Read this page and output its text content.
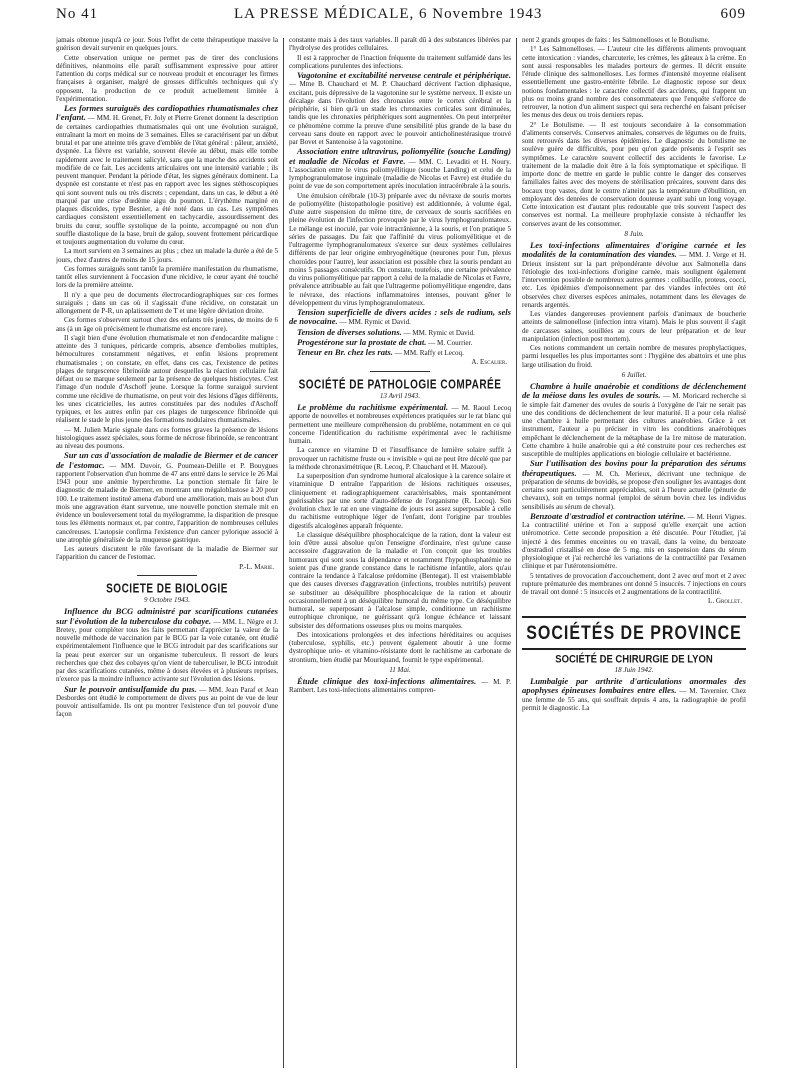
No 41	LA PRESSE MÉDICALE, 6 Novembre 1943	609

jamais obtenue jusqu'à ce jour. Sous l'effet de cette thérapeutique massive la guérison devait survenir en quelques jours.

Cette observation unique ne permet pas de tirer des conclusions définitives, néanmoins elle paraît suffisamment expressive pour attirer l'attention du corps médical sur ce nouveau produit et encourager les firmes françaises à organiser, malgré de grosses difficultés techniques qui s'y opposent, la production de ce produit actuellement limitée à l'expérimentation.

Les formes suraiguës des cardiopathies rhumatismales chez l'enfant. — MM. H. Grenet, Fr. Joly et Pierre Grenet donnent la description de certaines cardiopathies rhumatismales qui ont une évolution suraiguë, entraînant la mort en moins de 3 semaines. Elles se caractérisent par un début brutal et par une atteinte très grave d'emblée de l'état général : pâleur, anxiété, dyspnée. La fièvre est variable, souvent élevée au début, mais elle tombe rapidement avec le traitement salicylé, sans que la marche des accidents soit modifiée de ce fait. Les accidents articulaires ont une intensité variable ; ils peuvent manquer. Pendant la période d'état, les signes généraux dominent. La dyspnée est constante et n'est pas en rapport avec les signes stéthoscopiques qui sont souvent nuls ou très discrets ; cependant, dans un cas, le début a été marqué par une crise d'œdème aigu du poumon. L'érythème marginé en plaques discoïdes, type Besnier, a été noté dans un cas. Les symptômes cardiaques consistent essentiellement en tachycardie, assourdissement des bruits du cœur, souffle systolique de la pointe, accompagné ou non d'un souffle diastolique de la base, bruit de galop, souvent frottement péricardique et toujours augmentation du volume du cœur.

La mort survient en 3 semaines au plus ; chez un malade la durée a été de 5 jours, chez d'autres de moins de 15 jours.

Ces formes suraiguës sont tantôt la première manifestation du rhumatisme, tantôt elles surviennent à l'occasion d'une récidive, le cœur ayant été touché lors de la première atteinte.

Il n'y a que peu de documents électrocardiographiques sur ces formes suraiguës ; dans un cas où il s'agissait d'une récidive, on constatait un allongement de P-R, un aplatissement de T et une légère déviation droite.

Ces formes s'observent surtout chez des enfants très jeunes, de moins de 6 ans (à un âge où précisément le rhumatisme est encore rare).

Il s'agit bien d'une évolution rhumatismale et non d'endocardite maligne : atteinte des 3 tuniques, péricarde compris, absence d'embolies multiples, hémocultures constamment négatives, et enfin lésions proprement rhumatismales ; on constate, en effet, dans ces cas, l'existence de petites plages de turgescence fibrinoïde autour desquelles la réaction cellulaire fait défaut ou se marque seulement par la présence de quelques histiocytes. C'est l'image d'un nodule d'Aschoff jeune. Lorsque la forme suraiguë survient comme une récidive de rhumatisme, on peut voir des lésions d'âges différents, les unes cicatricielles, les autres constituées par des nodules d'Aschoff typiques, et les autres enfin par ces plages de turgescence fibrinoïde qui réalisent le stade le plus jeune des formations nodulaires rhumatismales.

— M. Julien Marie signale dans ces formes graves la présence de lésions histologiques assez spéciales, sous forme de nécrose fibrinoïde, se rencontrant au niveau des poumons.

Sur un cas d'association de maladie de Biermer et de cancer de l'estomac. — MM. Duvoir, G. Poumeau-Delille et P. Bouygues rapportent l'observation d'un homme de 47 ans entré dans le service le 26 Mai 1943 pour une anémie hyperchrome. La ponction sternale fit faire le diagnostic de maladie de Biermer, en montrant une mégaloblastose à 20 pour 100. Le traitement institué amena d'abord une amélioration, mais au bout d'un mois une aggravation étant survenue, une nouvelle ponction sternale mit en évidence un bouleversement total du myélogramme, la disparition de presque tous les éléments normaux et, par contre, l'apparition de nombreuses cellules cancéreuses. L'autopsie confirma l'existence d'un cancer pylorique associé à une atrophie généralisée de la muqueuse gastrique.

Les auteurs discutent le rôle favorisant de la maladie de Biermer sur l'apparition du cancer de l'estomac.

P.-L. Marie.

SOCIETE DE BIOLOGIE

9 Octobre 1943.

Influence du BCG administré par scarifications cutanées sur l'évolution de la tuberculose du cobaye. — MM. L. Nègre et J. Bretey, pour compléter tous les faits permettant d'apprécier la valeur de la nouvelle méthode de vaccination par le BCG par la voie cutanée, ont étudié expérimentalement l'influence que le BCG introduit par des scarifications sur la peau peut exercer sur un organisme tuberculeux. Il ressort de leurs recherches que chez des cobayes qu'on vient de tuberculiser, le BCG introduit par des scarifications cutanées, même à doses élevées et à plusieurs reprises, n'exerce pas la moindre influence activante sur l'évolution des lésions.

Sur le pouvoir antisulfamide du pus. — MM. Jean Paraf et Jean Desbordes ont étudié le comportement de divers pus au point de vue de leur pouvoir antisulfamide. Ils ont pu montrer l'existence d'un tel pouvoir d'une façon

constante mais à des taux variables. Il paraît dû à des substances libérées par l'hydrolyse des protides cellulaires.

Il est à rapprocher de l'inaction fréquente du traitement sulfamidé dans les complications purulentes des infections.

Vagotonine et excitabilité nerveuse centrale et périphérique. — Mme B. Chauchard et M. P. Chauchard décrivent l'action diphasique, excitant, puis dépressive de la vagotonine sur le système nerveux. Il existe un décalage dans l'évolution des chronaxies entre le cortex cérébral et la périphérie, si bien qu'à un stade les chronaxies corticales sont diminuées, tandis que les chronaxies périphériques sont augmentées. On peut interpréter ce phénomène comme la preuve d'une sensibilité plus grande de la base du cerveau sans doute en rapport avec le pouvoir anticholinestérasique trouvé par Bovet et Santenoise à la vagotonine.

Association entre ultravirus, poliomyélite (souche Landing) et maladie de Nicolas et Favre. — MM. C. Levaditi et H. Noury. L'association entre le virus poliomyélitique (souche Landing) et celui de la lymphogranulomatose inguinale (maladie de Nicolas et Favre) est étudiée du point de vue de son comportement après inoculation intracérébrale à la souris.

Une émulsion cérébrale (10-3) préparée avec du névraxe de souris mortes de poliomyélite (histopathologie positive) est additionnée, à volume égal, d'une autre suspension du même titre, de cerveaux de souris sacrifiées en pleine évolution de l'infection provoquée par le virus lymphogranulomateux. Le mélange est inoculé, par voie intracrânienne, à la souris, et l'on pratique 5 séries de passages. Du fait que l'affinité du virus poliomyélitique et de l'ultragerme lymphogranulomateux s'exerce sur deux systèmes cellulaires différents de par leur origine embryogénétique (neurones pour l'un, plexus choroïdes pour l'autre), leur association est possible chez la souris pendant au moins 5 passages consécutifs. On constate, toutefois, une certaine prévalence du virus poliomyélitique par rapport à celui de la maladie de Nicolas et Favre, prévalence attribuable au fait que l'ultragerme poliomyélitique engendre, dans le névraxe, des réactions inflammatoires intenses, pouvant gêner le développement du virus lymphogranulomateux.

Tension superficielle de divers acides : sels de radium, sels de novocaïne. — MM. Rymic et David.

Tension de diverses solutions. — MM. Rymic et David.

Progestérone sur la prostate de chat. — M. Courrier.

Teneur en Br. chez les rats. — MM. Raffy et Lecoq.

A. Escalier.

SOCIÉTÉ DE PATHOLOGIE COMPARÉE

13 Avril 1943.

Le problème du rachitisme expérimental. — M. Raoul Lecoq apporte de nouvelles et nombreuses expériences pratiquées sur le rat blanc qui permettent une meilleure compréhension du problème, notamment en ce qui concerne l'identification du rachitisme expérimental avec le rachitisme humain.

La carence en vitamine D et l'insuffisance de lumière solaire suffit à provoquer un rachitisme fruste ou « invisible » qui ne peut être décelé que par la méthode chronaximétrique (R. Lecoq, P. Chauchard et H. Mazoué).

La superposition d'un syndrome humoral alcalosique à la carence solaire et vitaminique D entraîne l'apparition de lésions rachitiques osseuses, cliniquement et radiographiquement caractérisables, mais spontanément guérissables par une sorte d'auto-défense de l'organisme (R. Lecoq). Son évolution chez le rat en une vingtaine de jours est assez superposable à celle du rachitisme eutrophique léger de l'enfant, dont l'origine par troubles digestifs alcalogènes apparaît fréquente.

Le classique déséquilibre phosphocalcique de la ration, dont la valeur est loin d'être aussi absolue qu'on l'enseigne d'ordinaire, n'est qu'une cause accessoire d'aggravation de la maladie et l'on conçoit que les troubles humoraux qui sont sous la dépendance et notamment l'hypophosphatémie ne soient pas d'une grande constance dans le rachitisme infantile, alors qu'au contraire la tendance à l'alcalose prédomine (Bentegat). Il est vraisemblable que des causes diverses d'aggravation (infections, troubles nutritifs) peuvent se substituer au déséquilibre phosphocalcique de la ration et aboutir occasionnellement à un déséquilibre humoral du même type. Ce déséquilibre humoral, se superposant à l'alcalose simple, conditionne un rachitisme eutrophique chronique, ne guérissant qu'à longue échéance et laissant subsister des déformations osseuses plus ou moins marquées.

Des intoxications prolongées et des infections héréditaires ou acquises (tuberculose, syphilis, etc.) peuvent également aboutir à une forme dystrophique urio- et vitamino-résistante dont le rachitisme au carbonate de strontium, bien étudié par Mouriquand, fournit le type expérimental.

11 Mai.

Étude clinique des toxi-infections alimentaires. — M. P. Rambert. Les toxi-infections alimentaires compren-

nent 2 grands groupes de faits : les Salmonelloses et le Botulisme.

1° Les Salmonelloses. — L'auteur cite les différents aliments provoquant cette intoxication : viandes, charcuterie, les crèmes, les gâteaux à la crème. En sont aussi responsables les malades porteurs de germes. Il décrit ensuite l'étude clinique des salmonelloses. Les formes d'intensité moyenne réalisent essentiellement une gastro-entérite fébrile. Le diagnostic repose sur deux notions fondamentales : le caractère collectif des accidents, qui frappent un plus ou moins grand nombre des consommateurs que l'enquête s'efforce de retrouver, la notion d'un aliment suspect qui sera recherché en faisant préciser les menus des deux ou trois derniers repas.

2° Le Botulisme. — Il est toujours secondaire à la consommation d'aliments conservés. Conserves animales, conserves de légumes ou de fruits, sont retrouvés dans les diverses épidémies. Le diagnostic du botulisme ne soulève guère de difficultés, pour peu qu'on garde présents à l'esprit ses symptômes. Le caractère souvent collectif des accidents le favorise. Le traitement de la maladie doit être à la fois symptomatique et spécifique. Il importe donc de mettre en garde le public contre le danger des conserves familiales faites avec des moyens de stérilisation précaires, souvent dans des bocaux trop vastes, dont le centre n'atteint pas la température d'ébullition, en employant des denrées de conservation douteuse ayant subi un long voyage. Cette intoxication est d'autant plus redoutable que très souvent l'aspect des conserves est normal. La meilleure prophylaxie consiste à réchauffer les conserves avant de les consommer.

8 Juin.

Les toxi-infections alimentaires d'origine carnée et les modalités de la contamination des viandes. — MM. J. Verge et H. Drieux insistent sur la part prépondérante dévolue aux Salmonella dans l'étiologie des toxi-infections d'origine carnée, mais soulignent également l'intervention possible de nombreux autres germes : colibacille, proteus, cocci, etc. Les épidémies d'empoisonnement par des viandes infectées ont été observées chez diverses espèces animales, notamment dans les élevages de renards argentés.

Les viandes dangereuses proviennent parfois d'animaux de boucherie atteints de salmonellose (infection intra vitam). Mais le plus souvent il s'agit de carcasses saines, souillées au cours de leur préparation et de leur manipulation (infection post mortem).

Ces notions commandent un certain nombre de mesures prophylactiques, parmi lesquelles les plus importantes sont : l'hygiène des abattoirs et une plus large utilisation du froid.

6 Juillet.

Chambre à huile anaérobie et conditions de déclenchement de la méiose dans les ovules de souris. — M. Moricard recherche si le simple fait d'amener des ovules de souris à l'oxygène de l'air ne serait pas une des conditions de déclenchement de leur maturité. Il a pour cela réalisé une chambre à huile permettant des cultures anaérobies. Grâce à cet instrument, l'auteur a pu préciser in vitro les conditions anaérobiques empêchant le déclenchement de la métaphase de la 1re mitose de maturation. Cette chambre à huile anaérobie qui a été construite pour ces recherches est susceptible de multiples applications en biologie cellulaire et bactérienne.

Sur l'utilisation des bovins pour la préparation des sérums thérapeutiques. — M. Ch. Merieux, décrivant une technique de préparation de sérums de bovidés, se propose d'en souligner les avantages dont certains sont particulièrement appréciables, soit à l'heure actuelle (pénurie de chevaux), soit en temps normal (emploi de sérum bovin chez les individus sensibilisés au sérum de cheval).

Benzoate d'œstradiol et contraction utérine. — M. Henri Vignes. La contractilité utérine et l'on a supposé qu'elle exerçait une action utéromotrice. Cette seconde proposition a été discutée. Pour l'étudier, j'ai injecté à des femmes enceintes ou en travail, dans la veine, du benzoate d'œstradiol cristallisé en dose de 5 mg. mis en suspension dans du sérum physiologique et j'ai recherché les variations de la contractilité par l'examen clinique et par l'utérotensiomètre.

5 tentatives de provocation d'accouchement, dont 2 avec œuf mort et 2 avec rupture prématurée des membranes ont donné 5 insuccès. 7 injections en cours de travail ont donné : 5 insuccès et 2 augmentations de la contractilité.

L. Grollet.

SOCIÉTÉS DE PROVINCE

SOCIÉTÉ DE CHIRURGIE DE LYON

18 Juin 1942.

Lumbalgie par arthrite d'articulations anormales des apophyses épineuses lombaires entre elles. — M. Tavernier. Chez une femme de 55 ans, qui souffrait depuis 4 ans, la radiographie de profil permit le diagnostic. La
